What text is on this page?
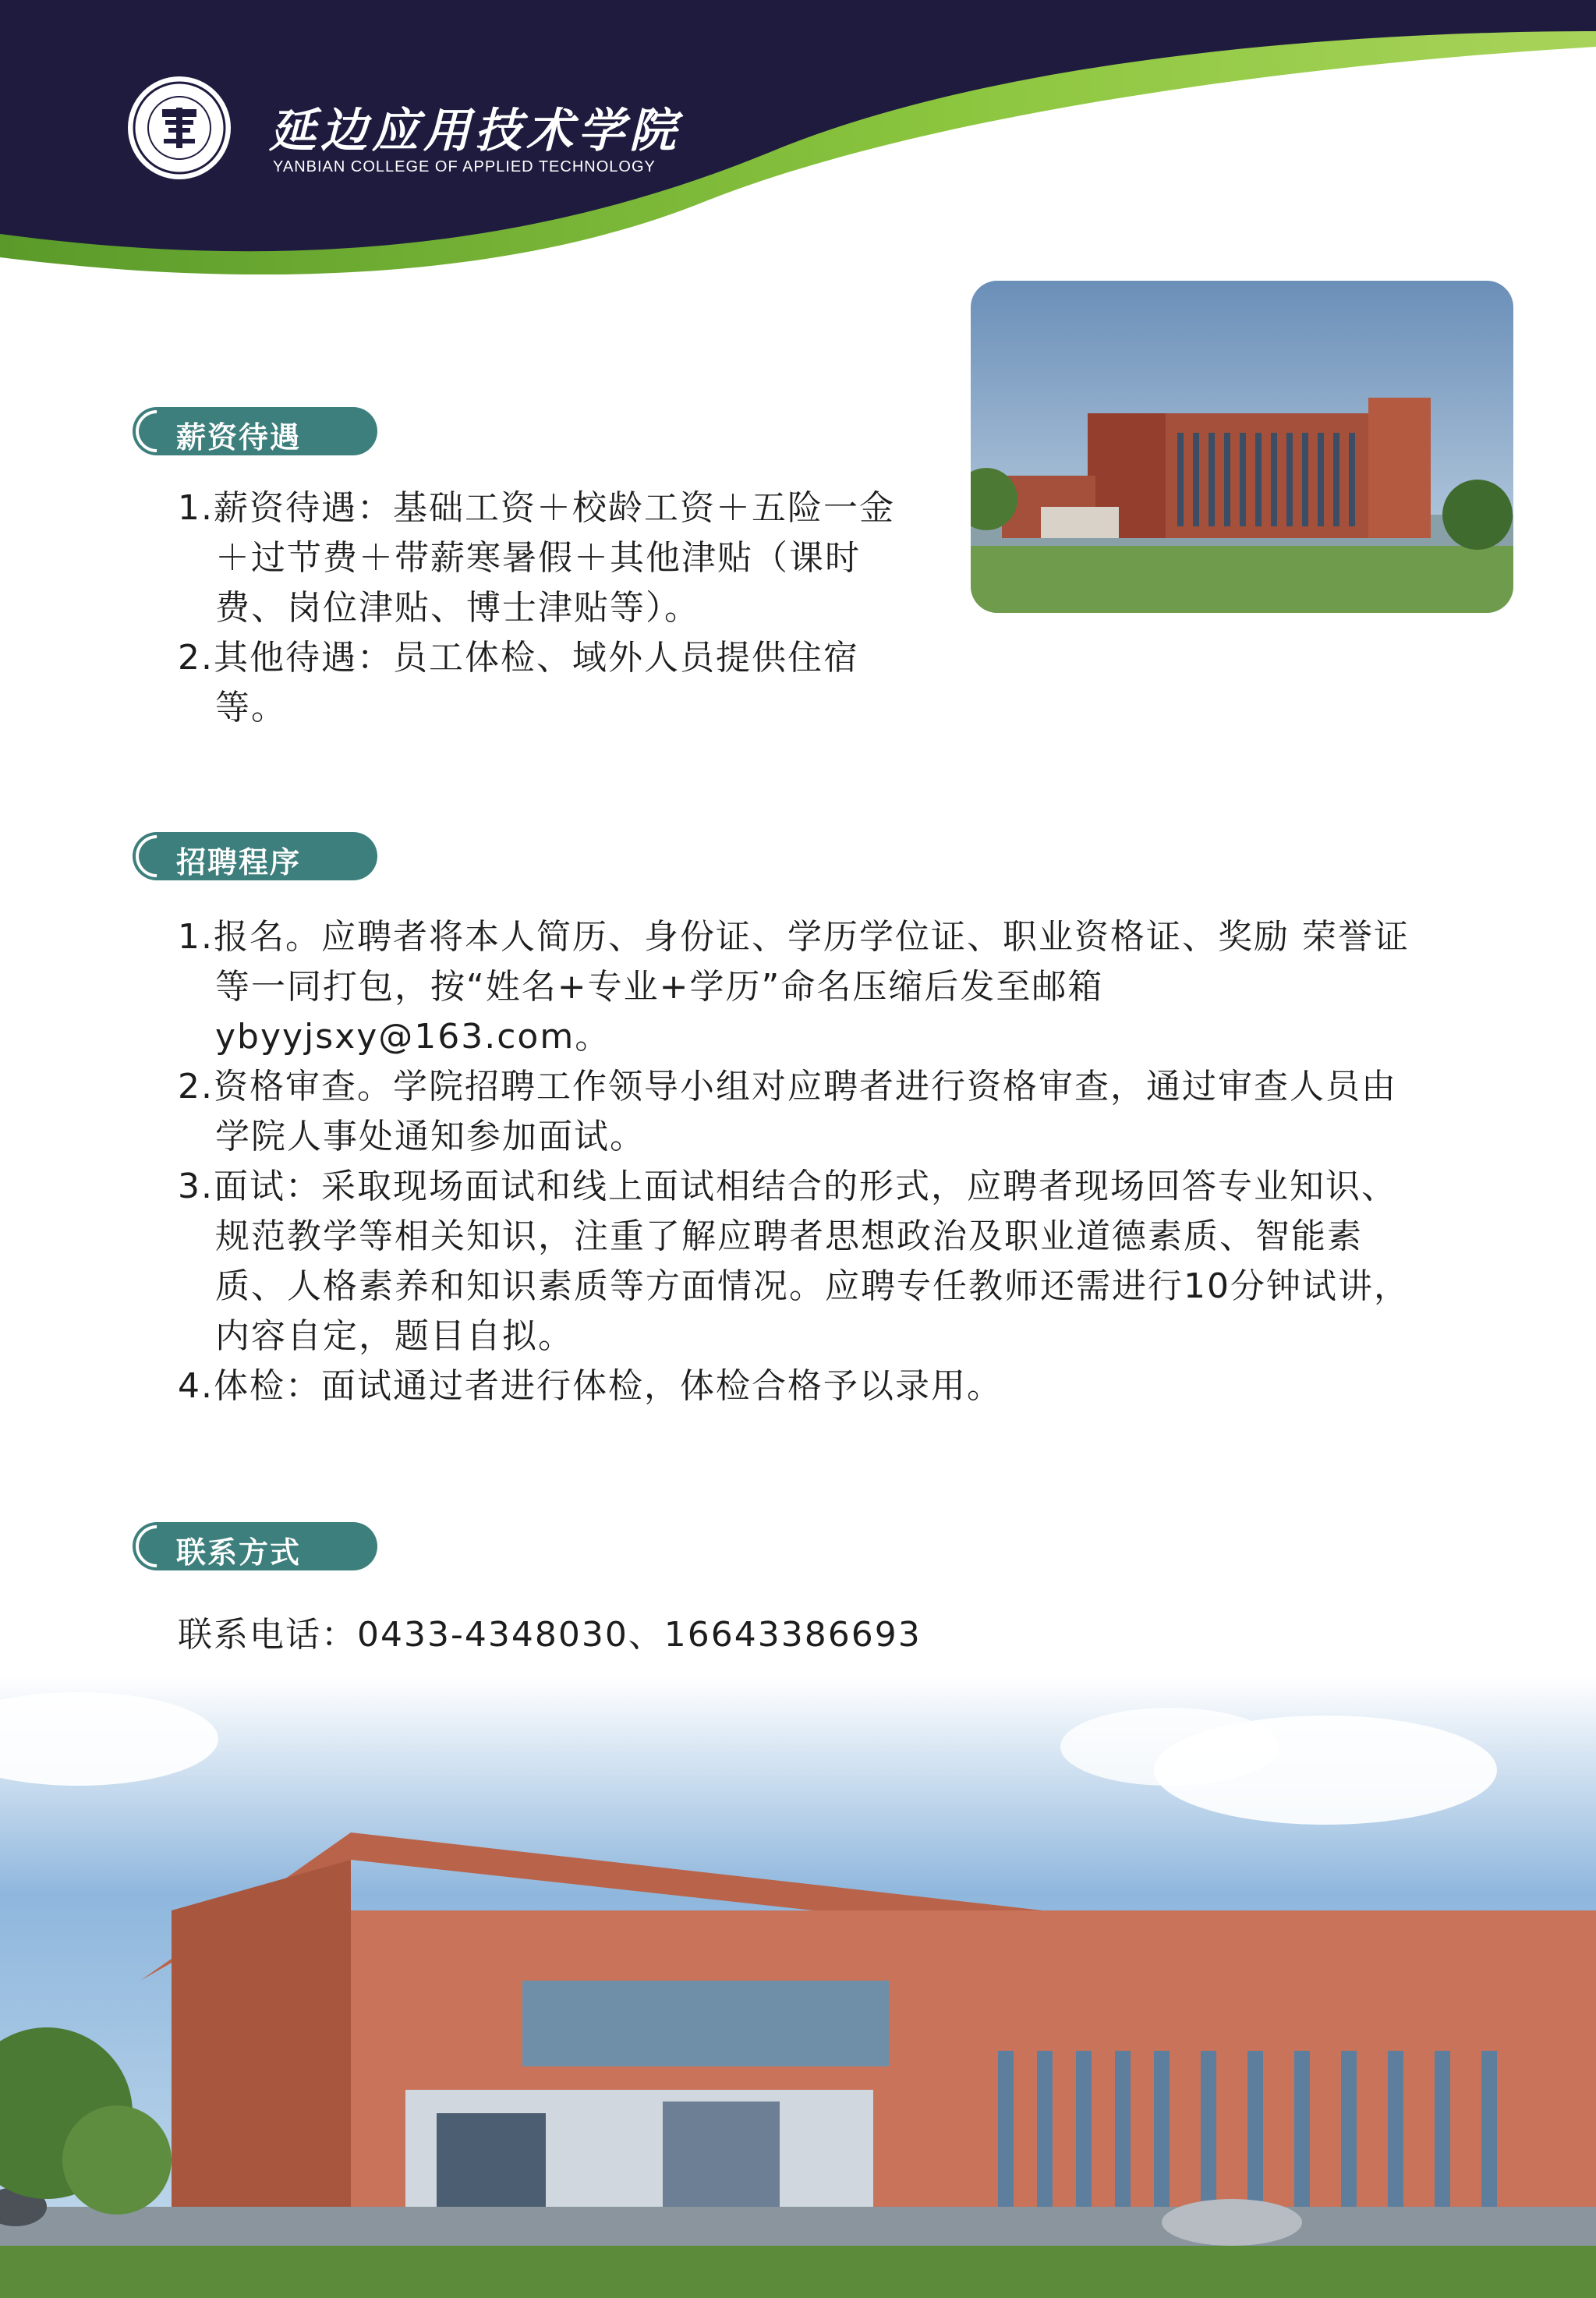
延边应用技术学院
YANBIAN COLLEGE OF APPLIED TECHNOLOGY
薪资待遇

1.薪资待遇：基础工资＋校龄工资＋五险一金＋过节费＋带薪寒暑假＋其他津贴（课时费、岗位津贴、博士津贴等）。

2.其他待遇：员工体检、域外人员提供住宿等。

招聘程序

1.报名。应聘者将本人简历、身份证、学历学位证、职业资格证、奖励 荣誉证等一同打包，按“姓名+专业+学历”命名压缩后发至邮箱ybyyjsxy@163.com。

2.资格审查。学院招聘工作领导小组对应聘者进行资格审查，通过审查人员由学院人事处通知参加面试。

3.面试：采取现场面试和线上面试相结合的形式，应聘者现场回答专业知识、规范教学等相关知识，注重了解应聘者思想政治及职业道德素质、智能素质、人格素养和知识素质等方面情况。应聘专任教师还需进行10分钟试讲，内容自定，题目自拟。

4.体检：面试通过者进行体检，体检合格予以录用。

联系方式
联系电话：0433-4348030、16643386693
